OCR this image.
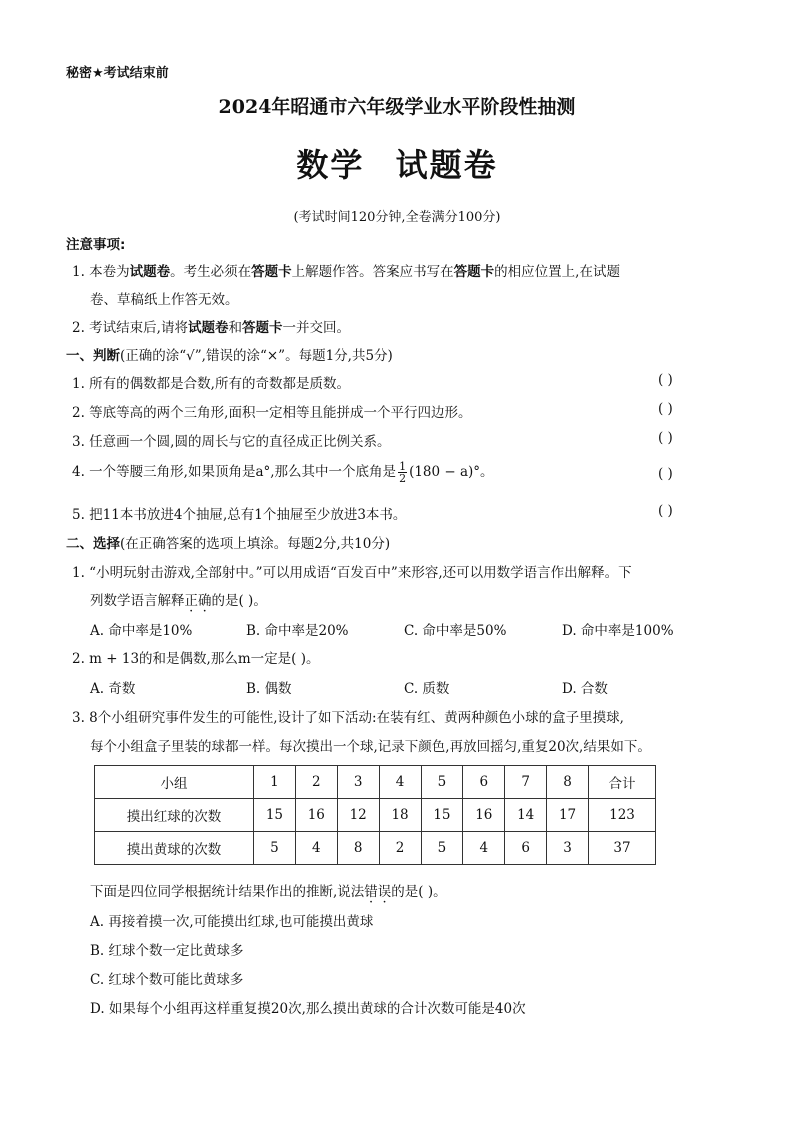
秘密★考试结束前
2024年昭通市六年级学业水平阶段性抽测
数学 试题卷
(考试时间120分钟,全卷满分100分)
注意事项:
1. 本卷为试题卷。考生必须在答题卡上解题作答。答案应书写在答题卡的相应位置上,在试题
卷、草稿纸上作答无效。
2. 考试结束后,请将试题卷和答题卡一并交回。
一、判断(正确的涂“√”,错误的涂“×”。每题1分,共5分)
1. 所有的偶数都是合数,所有的奇数都是质数。	( )
2. 等底等高的两个三角形,面积一定相等且能拼成一个平行四边形。	( )
3. 任意画一个圆,圆的周长与它的直径成正比例关系。	( )
4. 一个等腰三角形,如果顶角是a°,那么其中一个底角是 $\frac{1}{2} (180 - a)^\circ$。	( )
5. 把11本书放进4个抽屉,总有1个抽屉至少放进3本书。	( )
二、选择(在正确答案的选项上填涂。每题2分,共10分)
1. “小明玩射击游戏,全部射中。”可以用成语“百发百中”来形容,还可以用数学语言作出解释。下
列数学语言解释正确的是( )。
A. 命中率是10%	B. 命中率是20%	C. 命中率是50%	D. 命中率是100%
2. m + 13的和是偶数,那么m一定是( )。
A. 奇数	B. 偶数	C. 质数	D. 合数
3. 8个小组研究事件发生的可能性,设计了如下活动:在装有红、黄两种颜色小球的盒子里摸球,
每个小组盒子里装的球都一样。每次摸出一个球,记录下颜色,再放回摇匀,重复20次,结果如下。
小组	1	2	3	4	5	6	7	8	合计
摸出红球的次数	15	16	12	18	15	16	14	17	123
摸出黄球的次数	5	4	8	2	5	4	6	3	37
下面是四位同学根据统计结果作出的推断,说法错误的是( )。
A. 再接着摸一次,可能摸出红球,也可能摸出黄球
B. 红球个数一定比黄球多
C. 红球个数可能比黄球多
D. 如果每个小组再这样重复摸20次,那么摸出黄球的合计次数可能是40次
